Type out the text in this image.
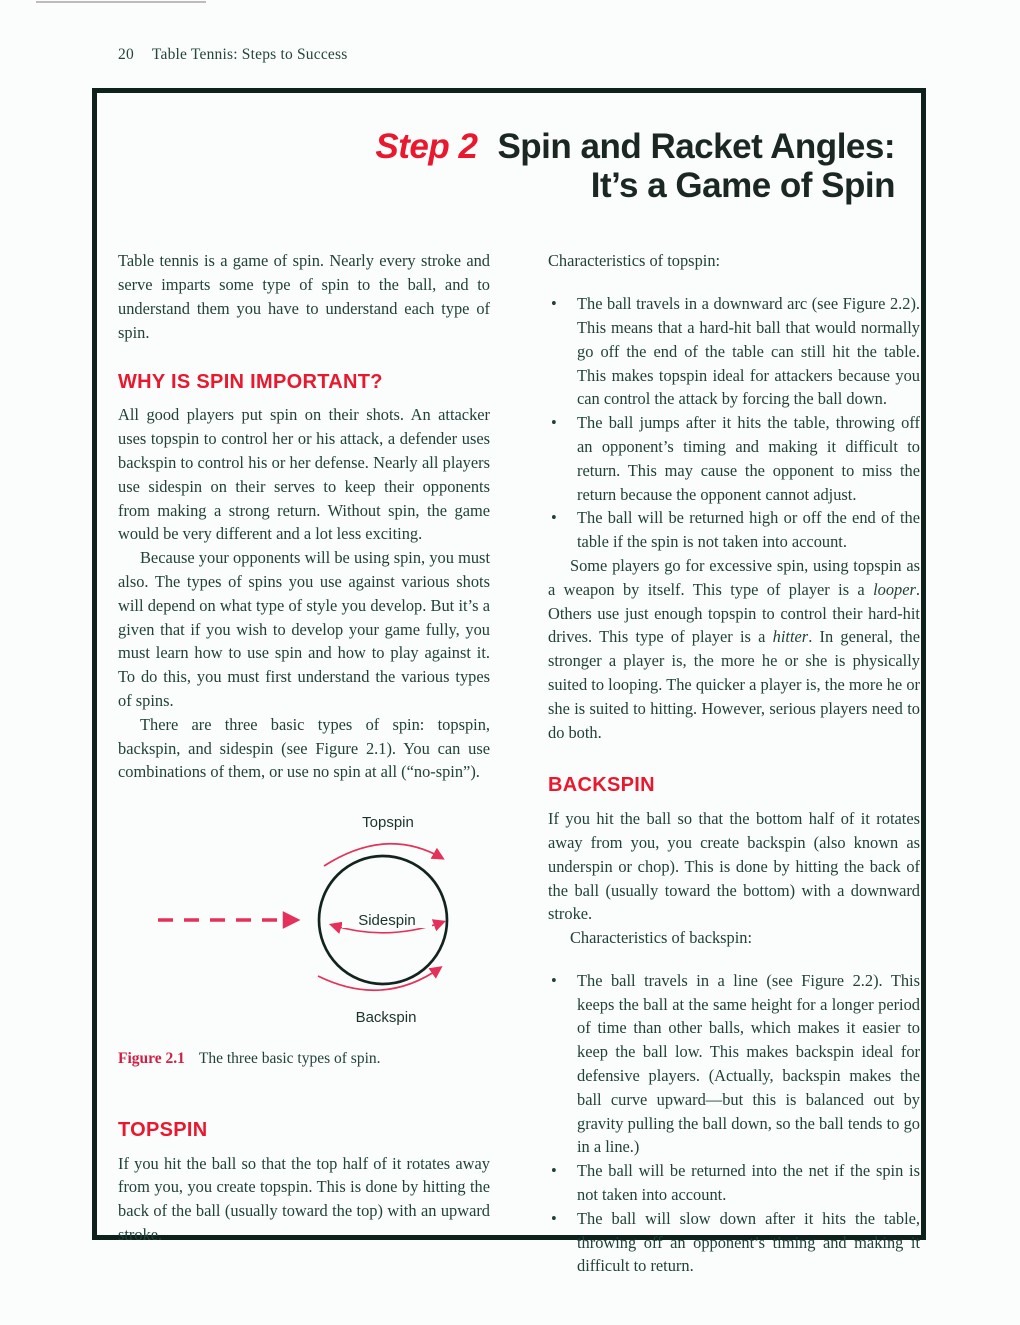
20 Table Tennis: Steps to Success
Step 2 Spin and Racket Angles:
It’s a Game of Spin

Table tennis is a game of spin. Nearly every stroke and serve imparts some type of spin to the ball, and to understand them you have to understand each type of spin.

WHY IS SPIN IMPORTANT?

All good players put spin on their shots. An attacker uses topspin to control her or his attack, a defender uses backspin to control his or her defense. Nearly all players use sidespin on their serves to keep their opponents from making a strong return. Without spin, the game would be very different and a lot less exciting.

Because your opponents will be using spin, you must also. The types of spins you use against various shots will depend on what type of style you develop. But it’s a given that if you wish to develop your game fully, you must learn how to use spin and how to play against it. To do this, you must first understand the various types of spins.

There are three basic types of spin: topspin, backspin, and sidespin (see Figure 2.1). You can use combinations of them, or use no spin at all (“no-spin”).

Topspin
Sidespin
Backspin
Figure 2.1 The three basic types of spin.
TOPSPIN

If you hit the ball so that the top half of it rotates away from you, you create topspin. This is done by hitting the back of the ball (usually toward the top) with an upward stroke.

Characteristics of topspin:

•	The ball travels in a downward arc (see Figure 2.2). This means that a hard-hit ball that would normally go off the end of the table can still hit the table. This makes topspin ideal for attackers because you can control the attack by forcing the ball down.
•	The ball jumps after it hits the table, throwing off an opponent’s timing and making it difficult to return. This may cause the opponent to miss the return because the opponent cannot adjust.
•	The ball will be returned high or off the end of the table if the spin is not taken into account.

Some players go for excessive spin, using topspin as a weapon by itself. This type of player is a looper. Others use just enough topspin to control their hard-hit drives. This type of player is a hitter. In general, the stronger a player is, the more he or she is physically suited to looping. The quicker a player is, the more he or she is suited to hitting. However, serious players need to do both.

BACKSPIN

If you hit the ball so that the bottom half of it rotates away from you, you create backspin (also known as underspin or chop). This is done by hitting the back of the ball (usually toward the bottom) with a downward stroke.

Characteristics of backspin:

•	The ball travels in a line (see Figure 2.2). This keeps the ball at the same height for a longer period of time than other balls, which makes it easier to keep the ball low. This makes backspin ideal for defensive players. (Actually, backspin makes the ball curve upward—but this is balanced out by gravity pulling the ball down, so the ball tends to go in a line.)
•	The ball will be returned into the net if the spin is not taken into account.
•	The ball will slow down after it hits the table, throwing off an opponent’s timing and making it difficult to return.
